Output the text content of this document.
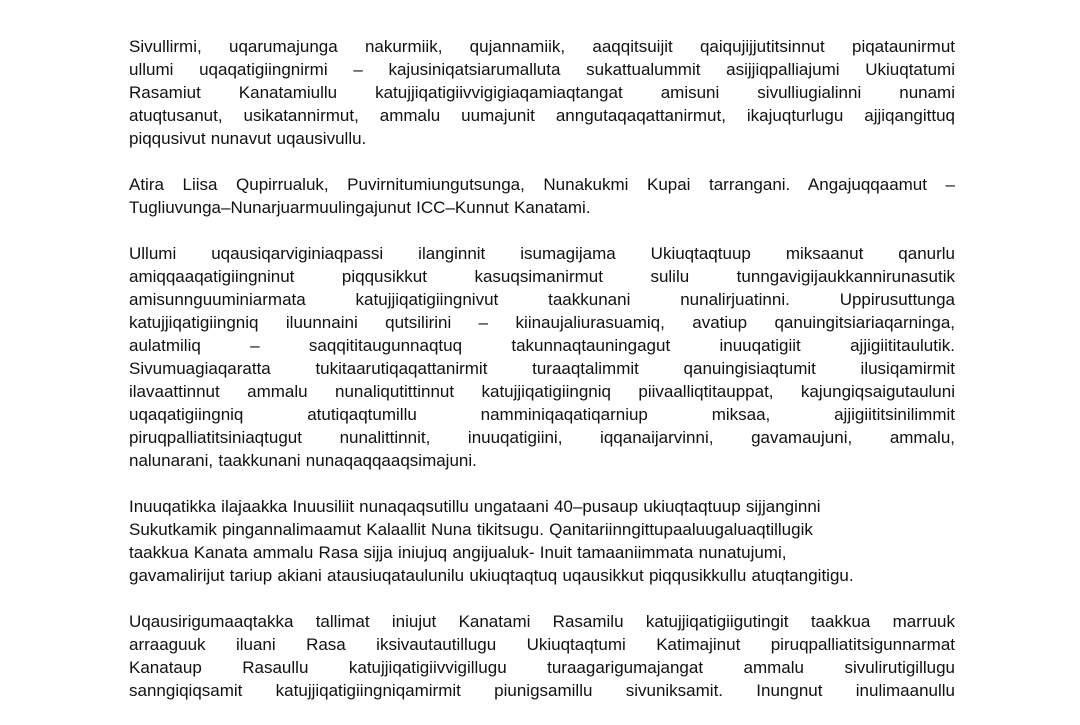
Sivullirmi, uqarumajunga nakurmiik, qujannamiik, aaqqitsuijit qaiqujijjutitsinnut piqataunirmut
ullumi uqaqatigiingnirmi – kajusiniqatsiarumalluta sukattualummit asijjiqpalliajumi Ukiuqtatumi
Rasamiut Kanatamiullu katujjiqatigiivvigigiaqamiaqtangat amisuni sivulliugialinni nunami
atuqtusanut, usikatannirmut, ammalu uumajunit anngutaqaqattanirmut, ikajuqturlugu ajjiqangittuq
piqqusivut nunavut uqausivullu.
Atira Liisa Qupirrualuk, Puvirnitumiungutsunga, Nunakukmi Kupai tarrangani. Angajuqqaamut –
Tugliuvunga–Nunarjuarmuulingajunut ICC–Kunnut Kanatami.
Ullumi uqausiqarviginiaqpassi ilanginnit isumagijama Ukiuqtaqtuup miksaanut qanurlu
amiqqaaqatigiingninut piqqusikkut kasuqsimanirmut sulilu tunngavigijaukkannirunasutik
amisunnguuminiarmata katujjiqatigiingnivut taakkunani nunalirjuatinni. Uppirusuttunga
katujjiqatigiingniq iluunnaini qutsilirini – kiinaujaliurasuamiq, avatiup qanuingitsiariaqarninga,
aulatmiliq – saqqititaugunnaqtuq takunnaqtauningagut inuuqatigiit ajjigiititaulutik.
Sivumuagiaqaratta tukitaarutiqaqattanirmit turaaqtalimmit qanuingisiaqtumit ilusiqamirmit
ilavaattinnut ammalu nunaliqutittinnut katujjiqatigiingniq piivaalliqtitauppat, kajungiqsaigutauluni
uqaqatigiingniq atutiqaqtumillu namminiqaqatiqarniup miksaa, ajjigiititsinilimmit
piruqpalliatitsiniaqtugut nunalittinnit, inuuqatigiini, iqqanaijarvinni, gavamaujuni, ammalu,
nalunarani, taakkunani nunaqaqqaaqsimajuni.
Inuuqatikka ilajaakka Inuusiliit nunaqaqsutillu ungataani 40–pusaup ukiuqtaqtuup sijjanginni
Sukutkamik pingannalimaamut Kalaallit Nuna tikitsugu. Qanitariinngittupaaluugaluaqtillugik
taakkua Kanata ammalu Rasa sijja iniujuq angijualuk- Inuit tamaaniimmata nunatujumi,
gavamalirijut tariup akiani atausiuqataulunilu ukiuqtaqtuq uqausikkut piqqusikkullu atuqtangitigu.
Uqausirigumaaqtakka tallimat iniujut Kanatami Rasamilu katujjiqatigiigutingit taakkua marruuk
arraaguuk iluani Rasa iksivautautillugu Ukiuqtaqtumi Katimajinut piruqpalliatitsigunnarmat
Kanataup Rasaullu katujjiqatigiivvigillugu turaagarigumajangat ammalu sivulirutigillugu
sanngiqiqsamit katujjiqatigiingniqamirmit piunigsamillu sivuniksamit. Inungnut inulimaanullu
